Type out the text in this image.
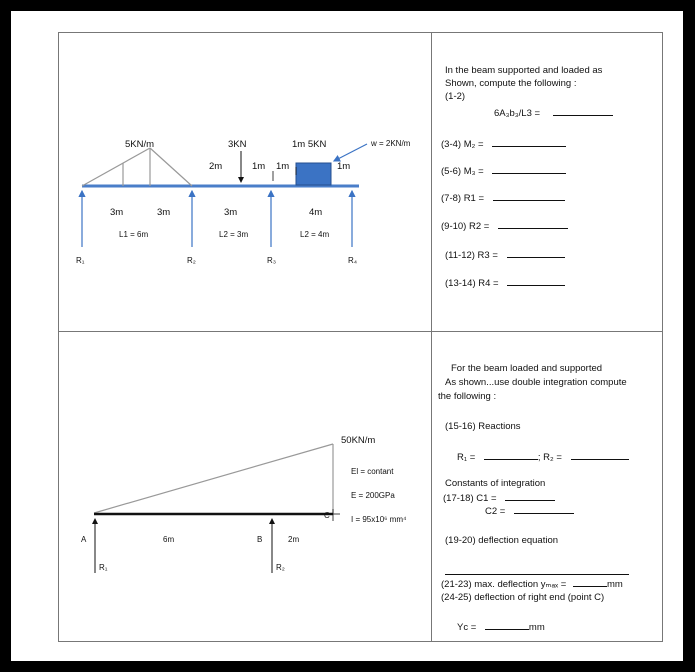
5KN/m	3KN	1m 5KN	w = 2KN/m
2m	1m 1m	1m
3m	3m	3m	4m
L1 = 6m	L2 = 3m	L2 = 4m
R₁	R₂	R₃	R₄
In the beam supported and loaded as
Shown, compute the following :
(1-2)
6A₃b₃/L3 =
(3-4) M₂ =
(5-6) M₃ =
(7-8) R1 =
(9-10) R2 =
(11-12) R3 =
(13-14) R4 =
50KN/m
El = contant
E = 200GPa
I = 95x10⁶ mm⁴
A	B
6m	2m
C
R₁	R₂
For the beam loaded and supported
As shown...use double integration compute
the following :
(15-16) Reactions
R₁ =	; R₂ =
Constants of integration
(17-18) C1 =
C2 =
(19-20) deflection equation
(21-23) max. deflection yₘₐₓ =	mm
(24-25) deflection of right end (point C)
Yc =	mm
